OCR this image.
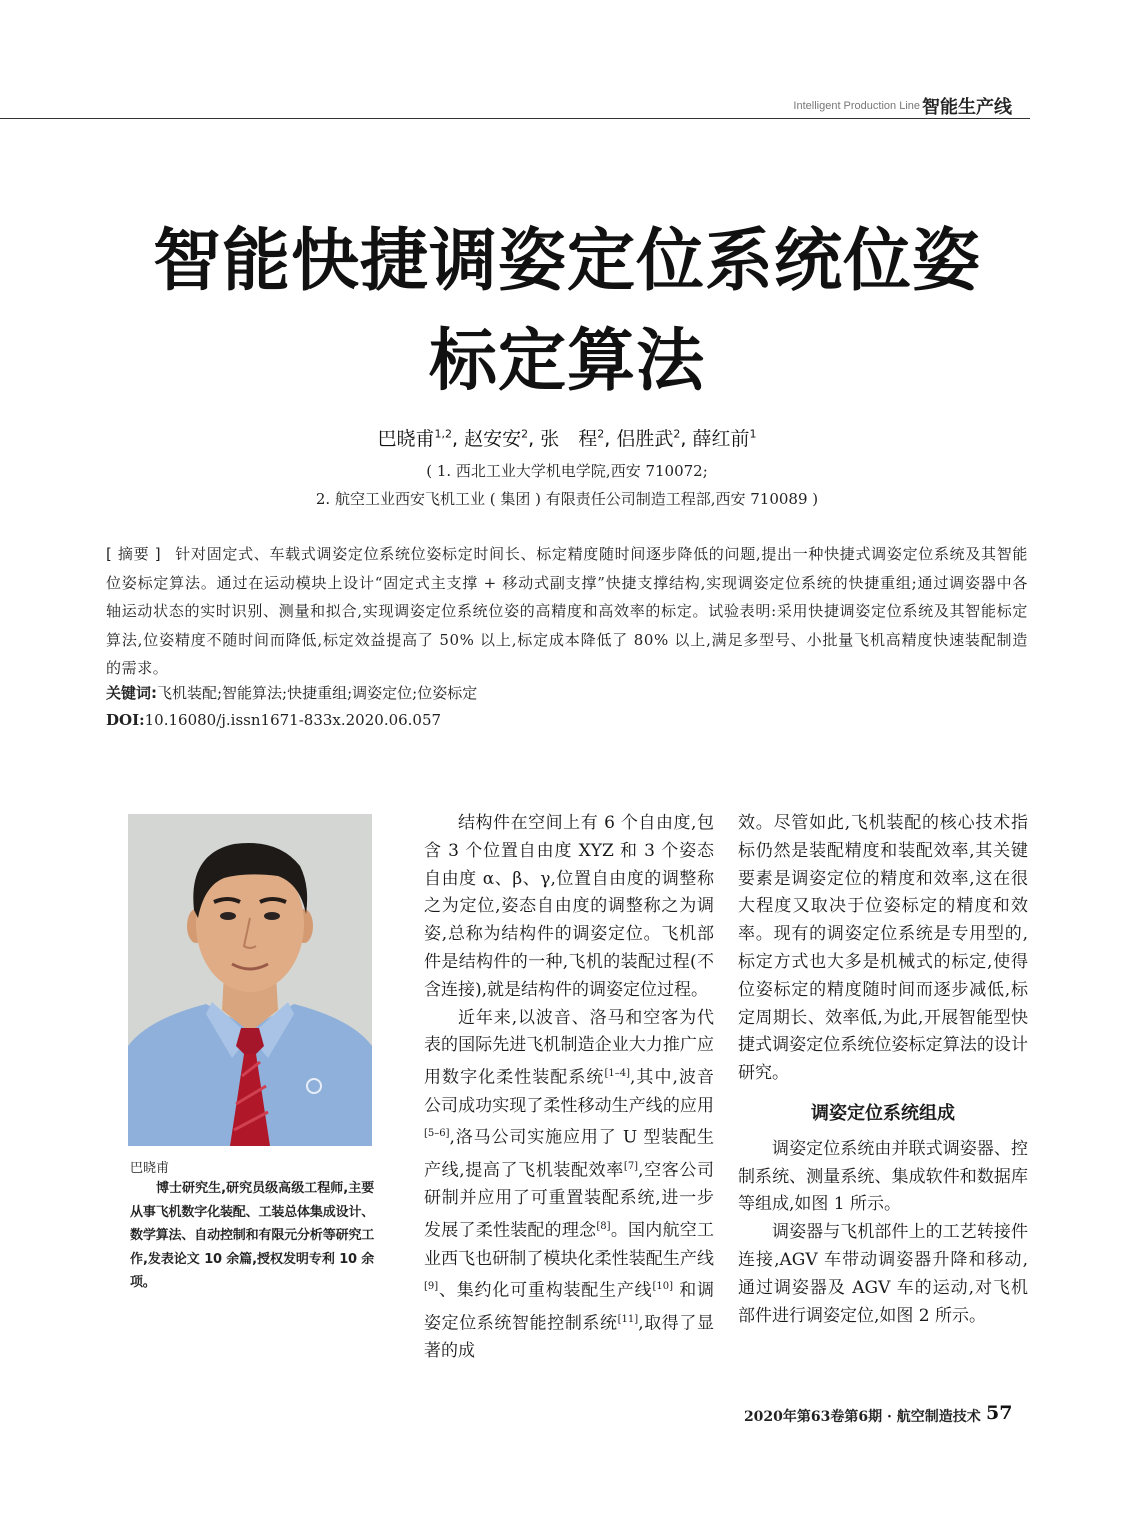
Intelligent Production Line 智能生产线
智能快捷调姿定位系统位姿
标定算法
巴晓甫$^{1,2}$, 赵安安$^2$, 张　程$^2$, 侣胜武$^2$, 薛红前$^1$
( 1. 西北工业大学机电学院,西安 710072;
2. 航空工业西安飞机工业 ( 集团 ) 有限责任公司制造工程部,西安 710089 )
[ 摘要 ] 针对固定式、车载式调姿定位系统位姿标定时间长、标定精度随时间逐步降低的问题,提出一种快捷式调姿定位系统及其智能位姿标定算法。通过在运动模块上设计“固定式主支撑 + 移动式副支撑”快捷支撑结构,实现调姿定位系统的快捷重组;通过调姿器中各轴运动状态的实时识别、测量和拟合,实现调姿定位系统位姿的高精度和高效率的标定。试验表明:采用快捷调姿定位系统及其智能标定算法,位姿精度不随时间而降低,标定效益提高了 50% 以上,标定成本降低了 80% 以上,满足多型号、小批量飞机高精度快速装配制造的需求。
关键词:飞机装配;智能算法;快捷重组;调姿定位;位姿标定
DOI:10.16080/j.issn1671-833x.2020.06.057
巴晓甫
博士研究生,研究员级高级工程师,主要从事飞机数字化装配、工装总体集成设计、数学算法、自动控制和有限元分析等研究工作,发表论文 10 余篇,授权发明专利 10 余项。

结构件在空间上有 6 个自由度,包含 3 个位置自由度 XYZ 和 3 个姿态自由度 α、β、γ,位置自由度的调整称之为定位,姿态自由度的调整称之为调姿,总称为结构件的调姿定位。飞机部件是结构件的一种,飞机的装配过程(不含连接),就是结构件的调姿定位过程。

近年来,以波音、洛马和空客为代表的国际先进飞机制造企业大力推广应用数字化柔性装配系统[1–4],其中,波音公司成功实现了柔性移动生产线的应用[5–6],洛马公司实施应用了 U 型装配生产线,提高了飞机装配效率[7],空客公司研制并应用了可重置装配系统,进一步发展了柔性装配的理念[8]。国内航空工业西飞也研制了模块化柔性装配生产线[9]、集约化可重构装配生产线[10] 和调姿定位系统智能控制系统[11],取得了显著的成

效。尽管如此,飞机装配的核心技术指标仍然是装配精度和装配效率,其关键要素是调姿定位的精度和效率,这在很大程度又取决于位姿标定的精度和效率。现有的调姿定位系统是专用型的,标定方式也大多是机械式的标定,使得位姿标定的精度随时间而逐步减低,标定周期长、效率低,为此,开展智能型快捷式调姿定位系统位姿标定算法的设计研究。

调姿定位系统组成

调姿定位系统由并联式调姿器、控制系统、测量系统、集成软件和数据库等组成,如图 1 所示。

调姿器与飞机部件上的工艺转接件连接,AGV 车带动调姿器升降和移动,通过调姿器及 AGV 车的运动,对飞机部件进行调姿定位,如图 2 所示。

2020年第63卷第6期 · 航空制造技术 57
